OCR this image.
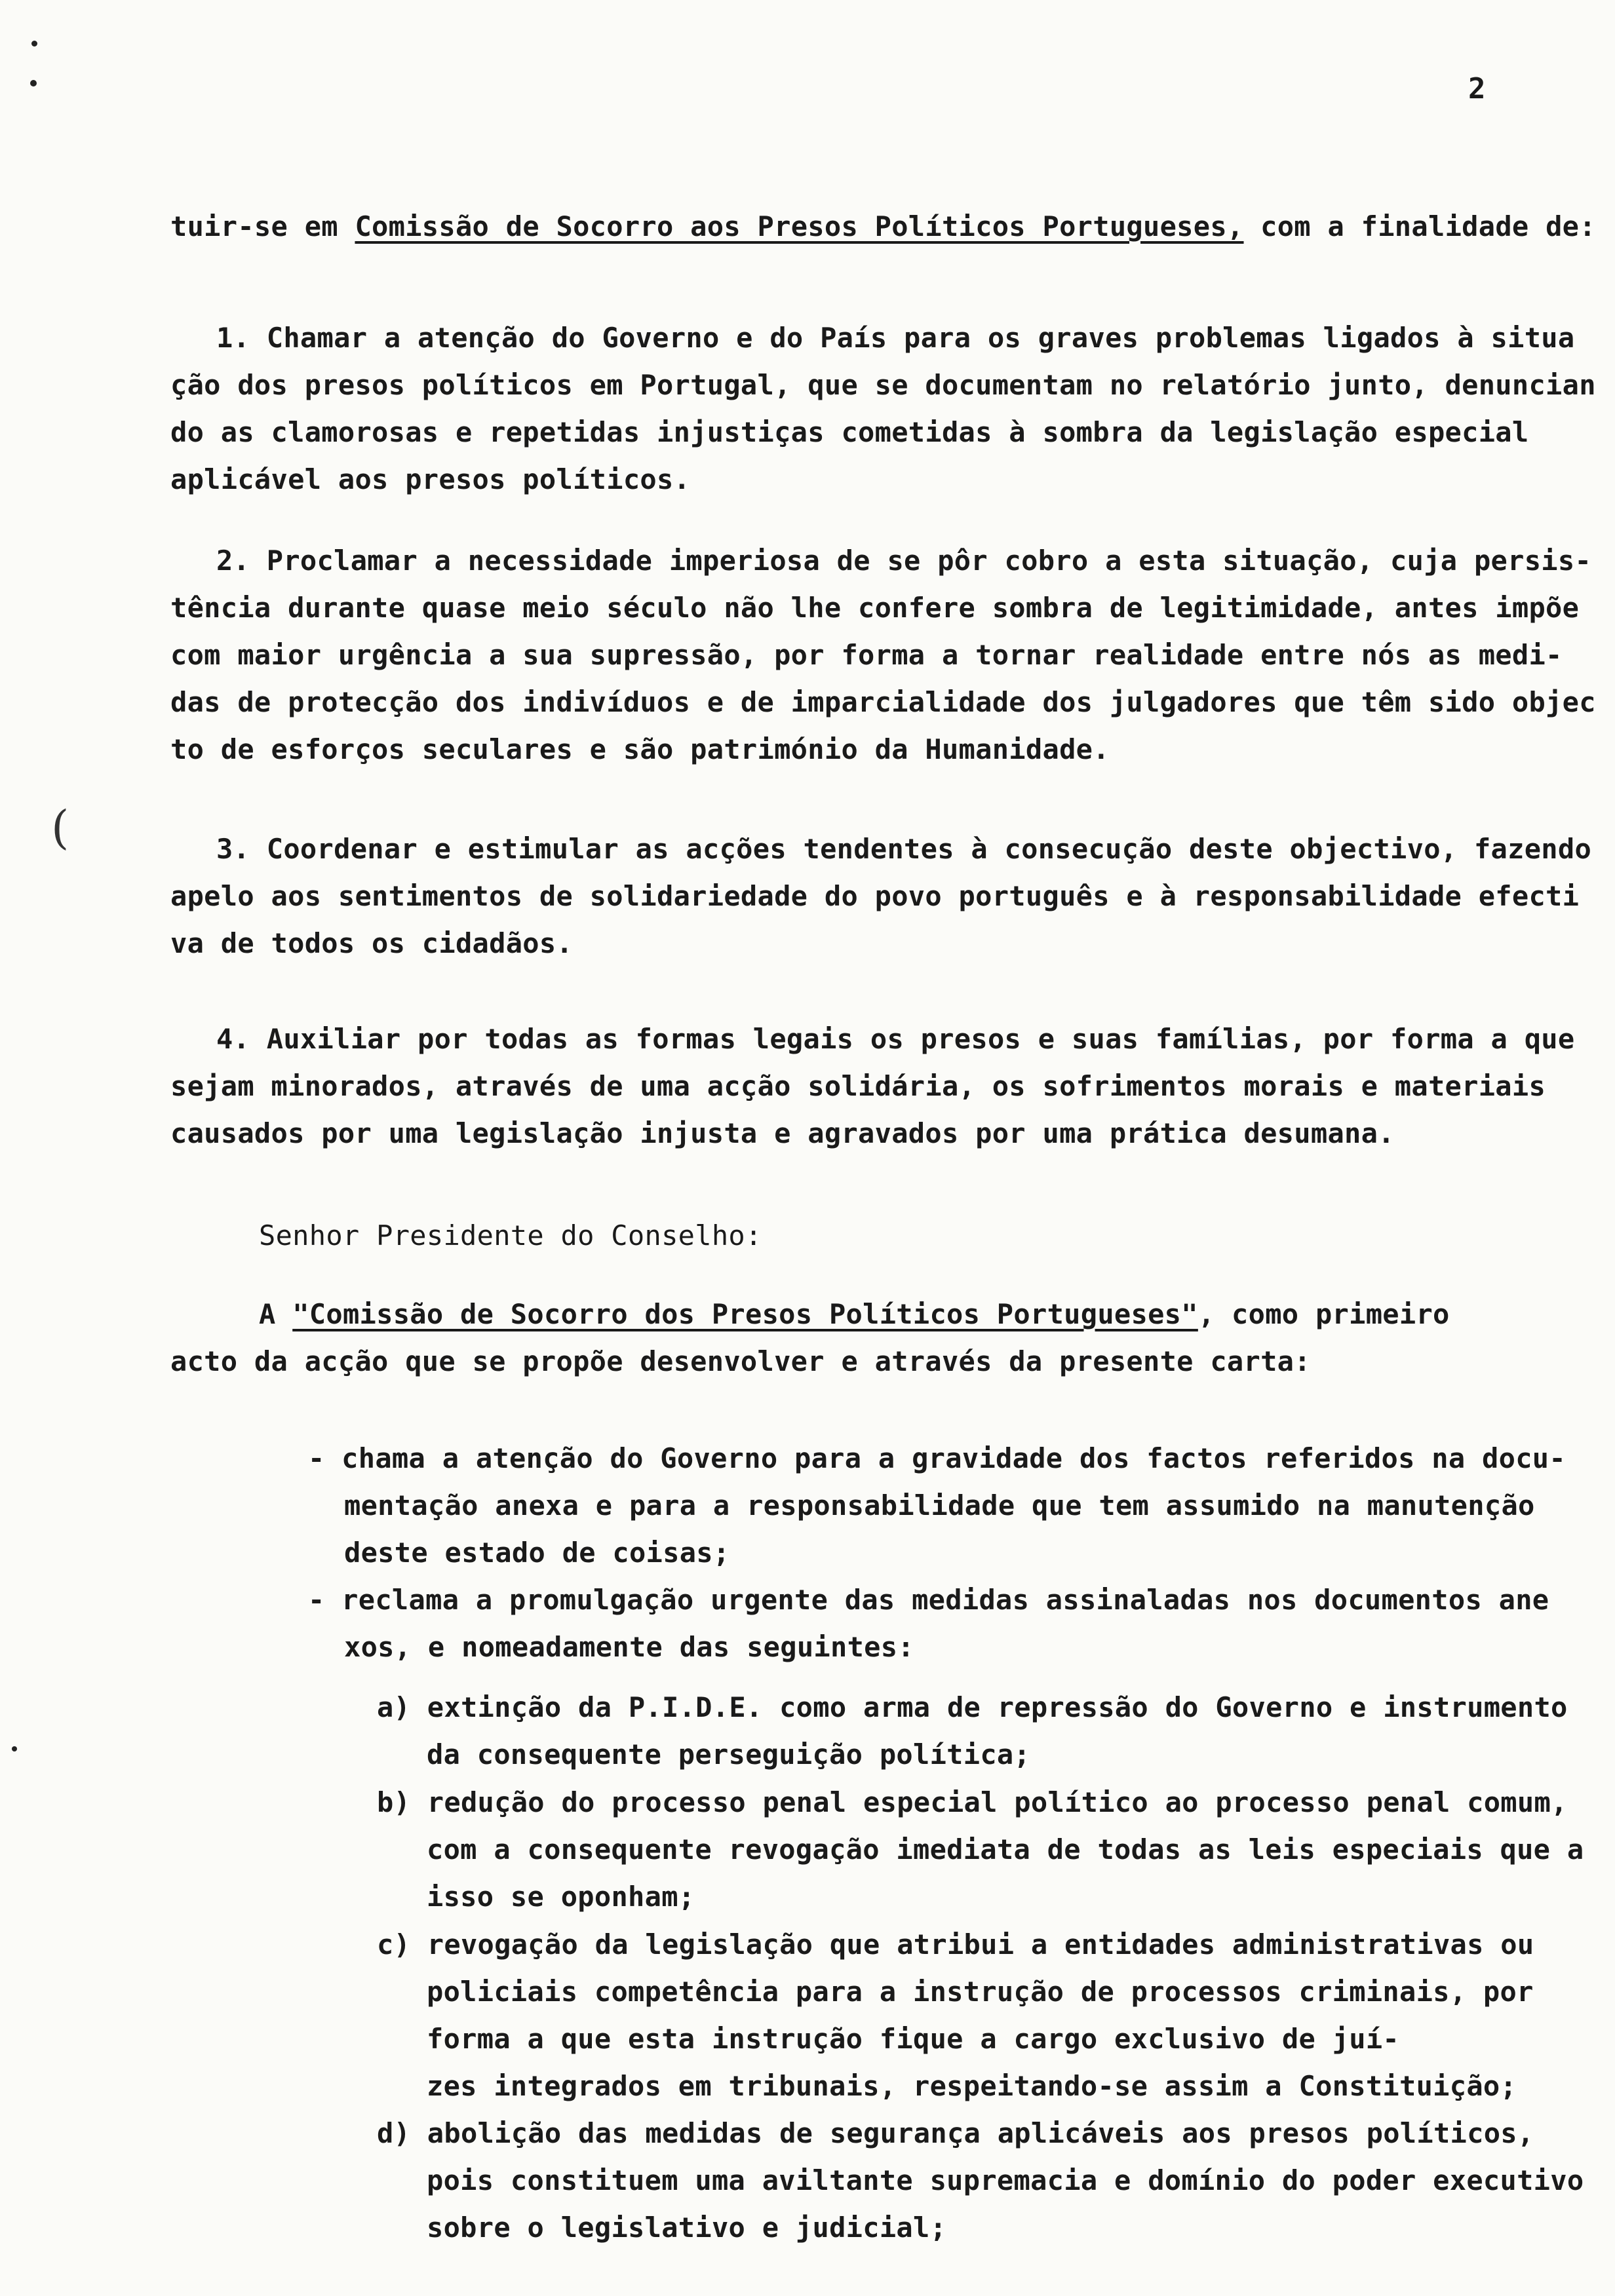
(
2
tuir-se em Comissão de Socorro aos Presos Políticos Portugueses, com a finalidade de:
1. Chamar a atenção do Governo e do País para os graves problemas ligados à situa
ção dos presos políticos em Portugal, que se documentam no relatório junto, denuncian
do as clamorosas e repetidas injustiças cometidas à sombra da legislação especial
aplicável aos presos políticos.
2. Proclamar a necessidade imperiosa de se pôr cobro a esta situação, cuja persis-
tência durante quase meio século não lhe confere sombra de legitimidade, antes impõe
com maior urgência a sua supressão, por forma a tornar realidade entre nós as medi-
das de protecção dos indivíduos e de imparcialidade dos julgadores que têm sido objec
to de esforços seculares e são património da Humanidade.
3. Coordenar e estimular as acções tendentes à consecução deste objectivo, fazendo
apelo aos sentimentos de solidariedade do povo português e à responsabilidade efecti
va de todos os cidadãos.
4. Auxiliar por todas as formas legais os presos e suas famílias, por forma a que
sejam minorados, através de uma acção solidária, os sofrimentos morais e materiais
causados por uma legislação injusta e agravados por uma prática desumana.
Senhor Presidente do Conselho:
A "Comissão de Socorro dos Presos Políticos Portugueses", como primeiro
acto da acção que se propõe desenvolver e através da presente carta:
- chama a atenção do Governo para a gravidade dos factos referidos na docu-
mentação anexa e para a responsabilidade que tem assumido na manutenção
deste estado de coisas;
- reclama a promulgação urgente das medidas assinaladas nos documentos ane
xos, e nomeadamente das seguintes:
a) extinção da P.I.D.E. como arma de repressão do Governo e instrumento
da consequente perseguição política;
b) redução do processo penal especial político ao processo penal comum,
com a consequente revogação imediata de todas as leis especiais que a
isso se oponham;
c) revogação da legislação que atribui a entidades administrativas ou
policiais competência para a instrução de processos criminais, por
forma a que esta instrução fique a cargo exclusivo de juí-
zes integrados em tribunais, respeitando-se assim a Constituição;
d) abolição das medidas de segurança aplicáveis aos presos políticos,
pois constituem uma aviltante supremacia e domínio do poder executivo
sobre o legislativo e judicial;
